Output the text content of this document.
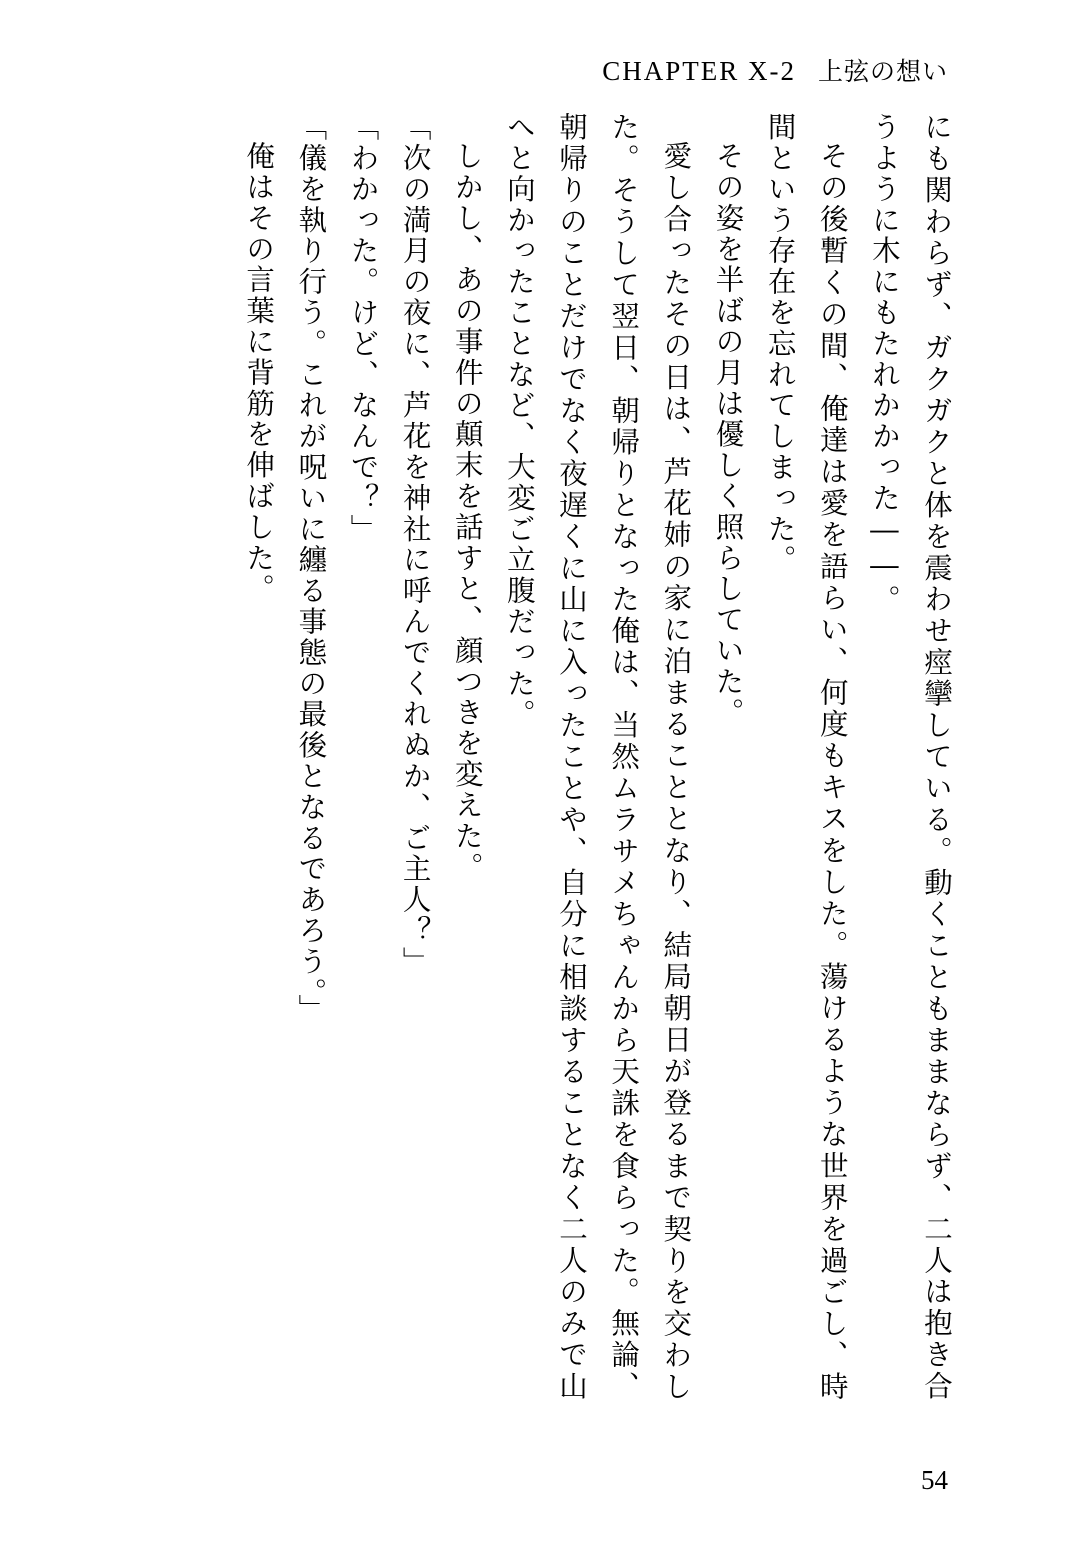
CHAPTER X-2 上弦の想い

にも関わらず、ガクガクと体を震わせ痙攣している。動くこともままならず、二人は抱き合うように木にもたれかかった――。

その後暫くの間、俺達は愛を語らい、何度もキスをした。蕩けるような世界を過ごし、時間という存在を忘れてしまった。

その姿を半ばの月は優しく照らしていた。

愛し合ったその日は、芦花姉の家に泊まることとなり、結局朝日が登るまで契りを交わした。そうして翌日、朝帰りとなった俺は、当然ムラサメちゃんから天誅を食らった。無論、朝帰りのことだけでなく夜遅くに山に入ったことや、自分に相談することなく二人のみで山へと向かったことなど、大変ご立腹だった。

しかし、あの事件の顛末を話すと、顔つきを変えた。

「次の満月の夜に、芦花を神社に呼んでくれぬか、ご主人？」

「わかった。けど、なんで？」

「儀を執り行う。これが呪いに纏る事態の最後となるであろう。」

俺はその言葉に背筋を伸ばした。

54
